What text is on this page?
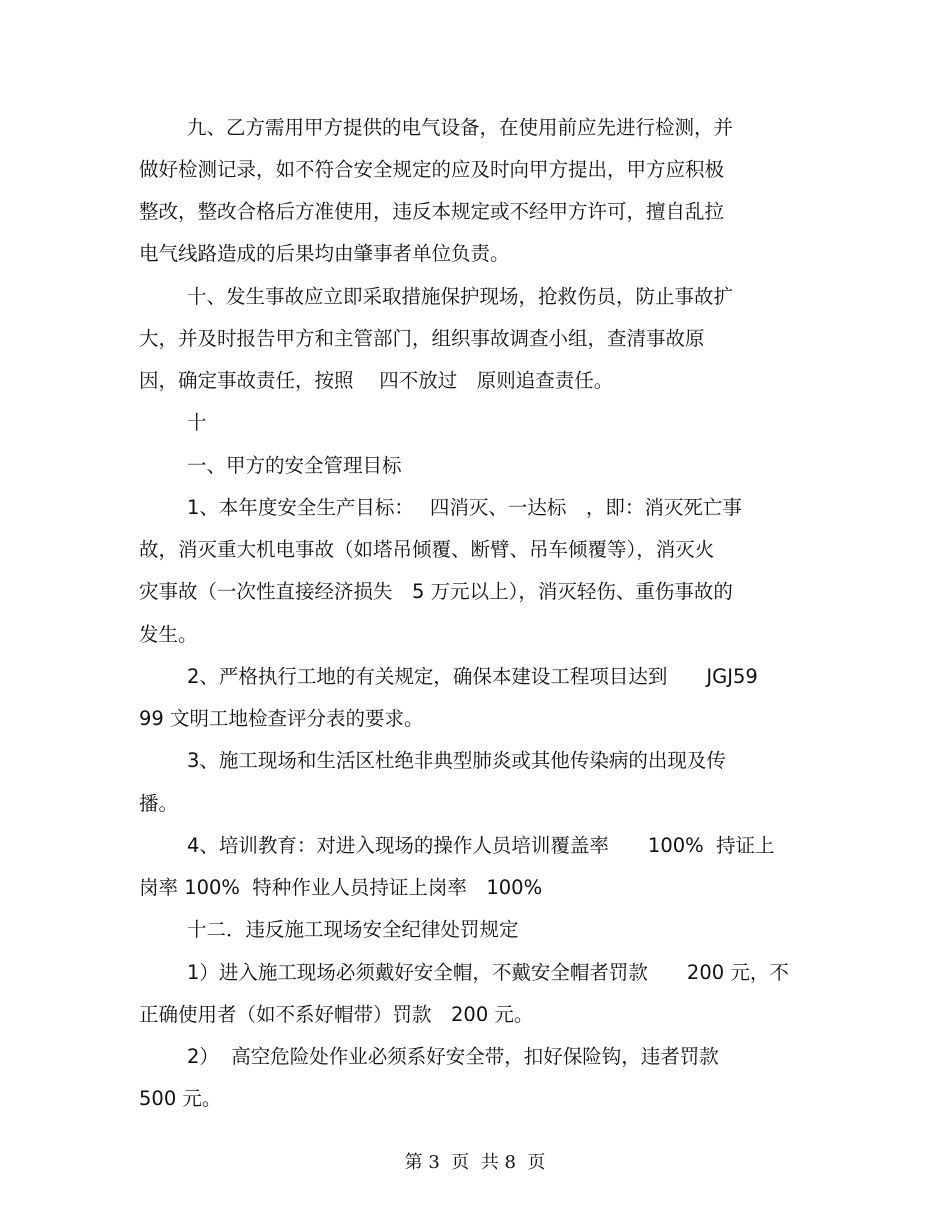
九、乙方需用甲方提供的电气设备，在使用前应先进行检测，并

做好检测记录，如不符合安全规定的应及时向甲方提出，甲方应积极

整改，整改合格后方准使用，违反本规定或不经甲方许可，擅自乱拉

电气线路造成的后果均由肇事者单位负责。

十、发生事故应立即采取措施保护现场，抢救伤员，防止事故扩

大，并及时报告甲方和主管部门，组织事故调查小组，查清事故原

因，确定事故责任，按照　 四不放过　原则追查责任。

十

一、甲方的安全管理目标

1、本年度安全生产目标：　 四消灭、一达标　，即：消灭死亡事

故，消灭重大机电事故（如塔吊倾覆、断臂、吊车倾覆等），消灭火

灾事故（一次性直接经济损失　5 万元以上），消灭轻伤、重伤事故的

发生。

2、严格执行工地的有关规定，确保本建设工程项目达到　　JGJ59

99 文明工地检查评分表的要求。

3、施工现场和生活区杜绝非典型肺炎或其他传染病的出现及传

播。

4、培训教育：对进入现场的操作人员培训覆盖率　　100%  持证上

岗率 100%  特种作业人员持证上岗率　100%

十二．违反施工现场安全纪律处罚规定

1）进入施工现场必须戴好安全帽，不戴安全帽者罚款　　200 元，不

正确使用者（如不系好帽带）罚款　200 元。

2）  高空危险处作业必须系好安全带，扣好保险钩，违者罚款

500 元。

第 3  页  共 8  页
